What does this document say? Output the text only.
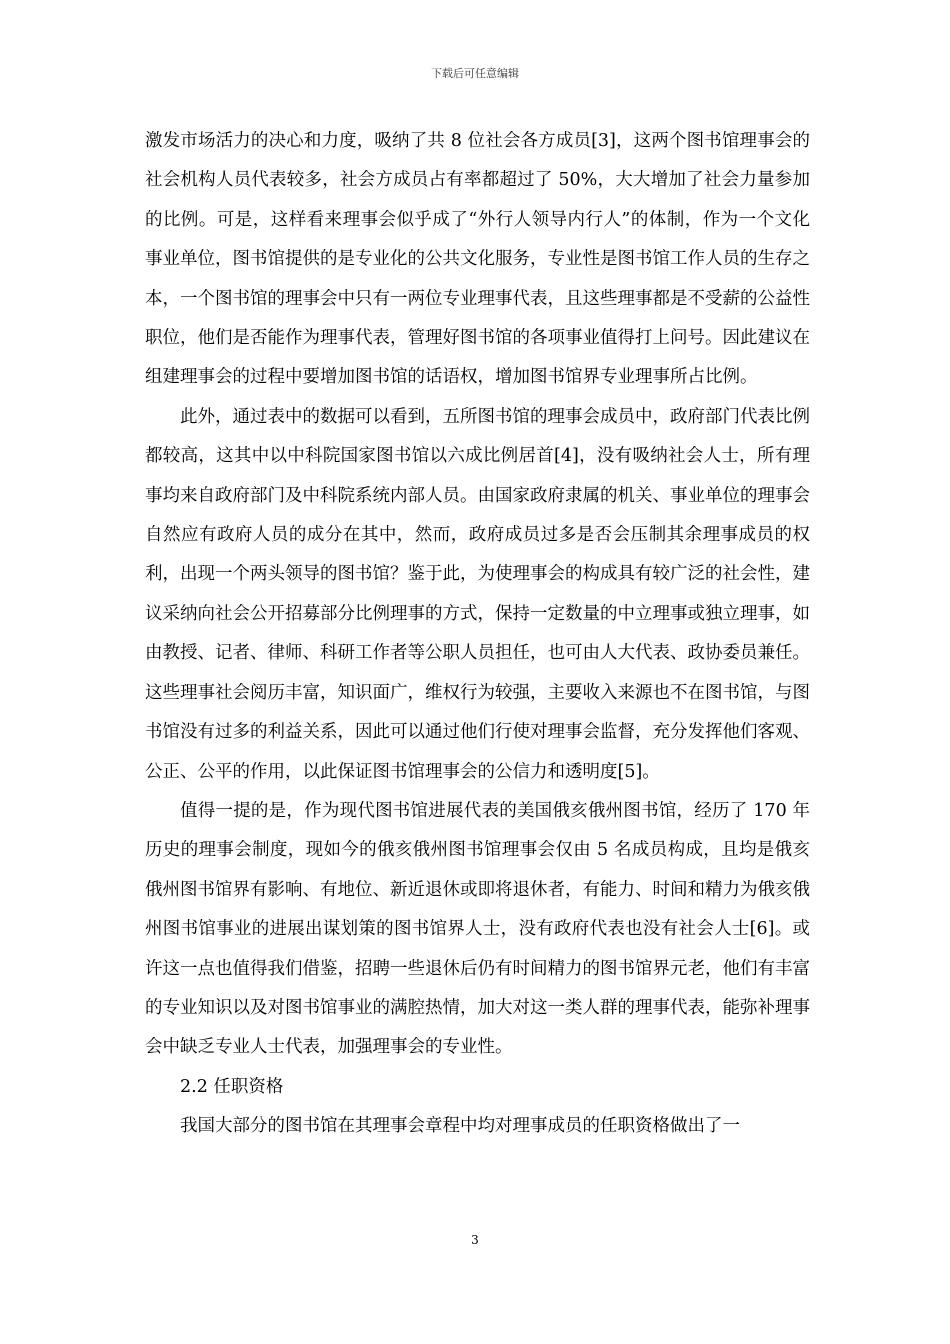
下载后可任意编辑

激发市场活力的决心和力度，吸纳了共 8 位社会各方成员[3]，这两个图书馆理事会的社会机构人员代表较多，社会方成员占有率都超过了 50%，大大增加了社会力量参加的比例。可是，这样看来理事会似乎成了“外行人领导内行人”的体制，作为一个文化事业单位，图书馆提供的是专业化的公共文化服务，专业性是图书馆工作人员的生存之本，一个图书馆的理事会中只有一两位专业理事代表，且这些理事都是不受薪的公益性职位，他们是否能作为理事代表，管理好图书馆的各项事业值得打上问号。因此建议在组建理事会的过程中要增加图书馆的话语权，增加图书馆界专业理事所占比例。

此外，通过表中的数据可以看到，五所图书馆的理事会成员中，政府部门代表比例都较高，这其中以中科院国家图书馆以六成比例居首[4]，没有吸纳社会人士，所有理事均来自政府部门及中科院系统内部人员。由国家政府隶属的机关、事业单位的理事会自然应有政府人员的成分在其中，然而，政府成员过多是否会压制其余理事成员的权利，出现一个两头领导的图书馆？鉴于此，为使理事会的构成具有较广泛的社会性，建议采纳向社会公开招募部分比例理事的方式，保持一定数量的中立理事或独立理事，如由教授、记者、律师、科研工作者等公职人员担任，也可由人大代表、政协委员兼任。这些理事社会阅历丰富，知识面广，维权行为较强，主要收入来源也不在图书馆，与图书馆没有过多的利益关系，因此可以通过他们行使对理事会监督，充分发挥他们客观、公正、公平的作用，以此保证图书馆理事会的公信力和透明度[5]。

值得一提的是，作为现代图书馆进展代表的美国俄亥俄州图书馆，经历了 170 年历史的理事会制度，现如今的俄亥俄州图书馆理事会仅由 5 名成员构成，且均是俄亥俄州图书馆界有影响、有地位、新近退休或即将退休者，有能力、时间和精力为俄亥俄州图书馆事业的进展出谋划策的图书馆界人士，没有政府代表也没有社会人士[6]。或许这一点也值得我们借鉴，招聘一些退休后仍有时间精力的图书馆界元老，他们有丰富的专业知识以及对图书馆事业的满腔热情，加大对这一类人群的理事代表，能弥补理事会中缺乏专业人士代表，加强理事会的专业性。

2.2 任职资格

我国大部分的图书馆在其理事会章程中均对理事成员的任职资格做出了一

3
